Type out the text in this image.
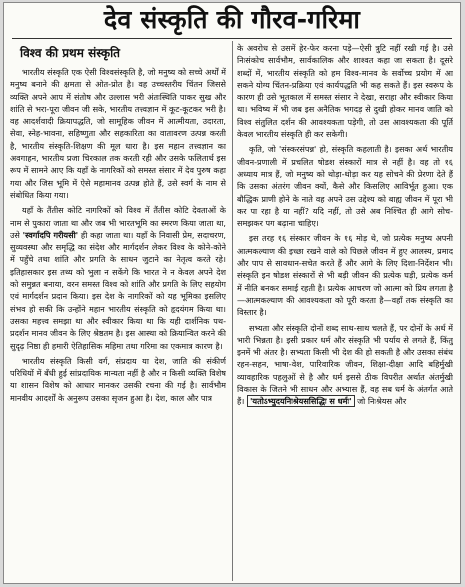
देव संस्कृति की गौरव-गरिमा
विश्व की प्रथम संस्कृति

भारतीय संस्कृति एक ऐसी विश्वसंस्कृति है, जो मनुष्य को सच्चे अर्थों में मनुष्य बनाने की क्षमता से ओत-प्रोत है। वह उच्चस्तरीय चिंतन जिससे व्यक्ति अपने आप में संतोष और उल्लास भरी अंतःस्थिति पाकर सुख और शांति से भरा-पूरा जीवन जी सके, भारतीय तत्त्वज्ञान में कूट-कूटकर भरी है। वह आदर्शवादी क्रियापद्धति, जो सामूहिक जीवन में आत्मीयता, उदारता, सेवा, स्नेह-भावना, सहिष्णुता और सहकारिता का वातावरण उत्पन्न करती है, भारतीय संस्कृति-शिक्षण की मूल धारा है। इस महान तत्त्वज्ञान का अवगाहन, भारतीय प्रजा चिरकाल तक करती रही और उसके फलितार्थ इस रूप में सामने आए कि यहाँ के नागरिकों को समस्त संसार में देव पुरुष कहा गया और जिस भूमि में ऐसे महामानव उत्पन्न होते हैं, उसे स्वर्ग के नाम से संबोधित किया गया।

यहाँ के तैंतीस कोटि नागरिकों को विश्व में तैंतीस कोटि देवताओं के नाम से पुकारा जाता था और जब भी भारतभूमि का स्मरण किया जाता था, उसे 'स्वर्गादपि गरीयसी' ही कहा जाता था। यहाँ के निवासी प्रेम, सदाचरण, सुव्यवस्था और समृद्धि का संदेश और मार्गदर्शन लेकर विश्व के कोने-कोने में पहुँचे तथा शांति और प्रगति के साधन जुटाने का नेतृत्व करते रहे। इतिहासकार इस तथ्य को भुला न सकेंगे कि भारत ने न केवल अपने देश को समुन्नत बनाया, वरन समस्त विश्व को शांति और प्रगति के लिए सहयोग एवं मार्गदर्शन प्रदान किया। इस देश के नागरिकों को यह भूमिका इसलिए संभव हो सकी कि उन्होंने महान भारतीय संस्कृति को हृदयंगम किया था। उसका महत्त्व समझा था और स्वीकार किया था कि यही दार्शनिक पथ-प्रदर्शन मानव जीवन के लिए श्रेष्ठतम है। इस आस्था को क्रियान्वित करने की सुदृढ़ निष्ठा ही हमारी ऐतिहासिक महिमा तथा गरिमा का एकमात्र कारण है।

भारतीय संस्कृति किसी वर्ग, संप्रदाय या देश, जाति की संकीर्ण परिधियों में बँधी हुई सांप्रदायिक मान्यता नहीं है और न किसी व्यक्ति विशेष या शासन विशेष को आधार मानकर उसकी रचना की गई है। सार्वभौम मानवीय आदर्शों के अनुरूप उसका सृजन हुआ है। देश, काल और पात्र

के अवरोध से उसमें हेर-फेर करना पड़े—ऐसी त्रुटि नहीं रखी गई है। उसे निःसंकोच सार्वभौम, सार्वकालिक और शाश्वत कहा जा सकता है। दूसरे शब्दों में, भारतीय संस्कृति को हम विश्व-मानव के सर्वोच्च प्रयोग में आ सकने योग्य चिंतन-प्रक्रिया एवं कार्यपद्धति भी कह सकते हैं। इस स्वरूप के कारण ही उसे भूतकाल में समस्त संसार ने देखा, सराहा और स्वीकार किया था। भविष्य में भी जब इस अनैतिक भगदड़ से दुखी होकर मानव जाति को विश्व संतुलित दर्शन की आवश्यकता पड़ेगी, तो उस आवश्यकता की पूर्ति केवल भारतीय संस्कृति ही कर सकेगी।

कृति, जो 'संस्करसंपन्न' हो, संस्कृति कहलाती है। इसका अर्थ भारतीय जीवन-प्रणाली में प्रचलित षोडश संस्कारों मात्र से नहीं है। वह तो १६ अध्याय मात्र हैं, जो मनुष्य को थोड़ा-थोड़ा कर यह सोचने की प्रेरणा देते हैं कि उसका अंतरंग जीवन क्यों, कैसे और किसलिए आविर्भूत हुआ। एक बौद्धिक प्राणी होने के नाते वह अपने उस उद्देश्य को बाह्य जीवन में पूरा भी कर पा रहा है या नहीं? यदि नहीं, तो उसे अब निश्चित ही आगे सोच-समझकर पग बढ़ाना चाहिए।

इस तरह १६ संस्कार जीवन के १६ मोड़ थे, जो प्रत्येक मनुष्य अपनी आत्मकल्याण की इच्छा रखने वाले को पिछले जीवन में हुए आलस्य, प्रमाद और पाप से सावधान-सचेत करते हैं और आगे के लिए दिशा-निर्देशन भी। संस्कृति इन षोडश संस्कारों से भी बड़ी जीवन की प्रत्येक घड़ी, प्रत्येक कर्म में नीति बनकर समाई रहती है। प्रत्येक आचरण जो आत्मा को प्रिय लगता है—आत्मकल्याण की आवश्यकता को पूरी करता है—वहाँ तक संस्कृति का विस्तार है।

सभ्यता और संस्कृति दोनों शब्द साथ-साथ चलते हैं, पर दोनों के अर्थ में भारी भिन्नता है। इसी प्रकार धर्म और संस्कृति भी पर्याय से लगते हैं, किंतु इनमें भी अंतर है। सभ्यता किसी भी देश की हो सकती है और उसका संबंध रहन-सहन, भाषा-वेश, पारिवारिक जीवन, शिक्षा-दीक्षा आदि बहिर्मुखी व्यावहारिक पहलुओं से है और धर्म इससे ठीक विपरीत अर्थात अंतर्मुखी विकास के जितने भी साधन और अभ्यास हैं, वह सब धर्म के अंतर्गत आते हैं। 'यतोऽभ्युदयनिःश्रेयससिद्धिः स धर्मः' जो निःश्रेयस और
